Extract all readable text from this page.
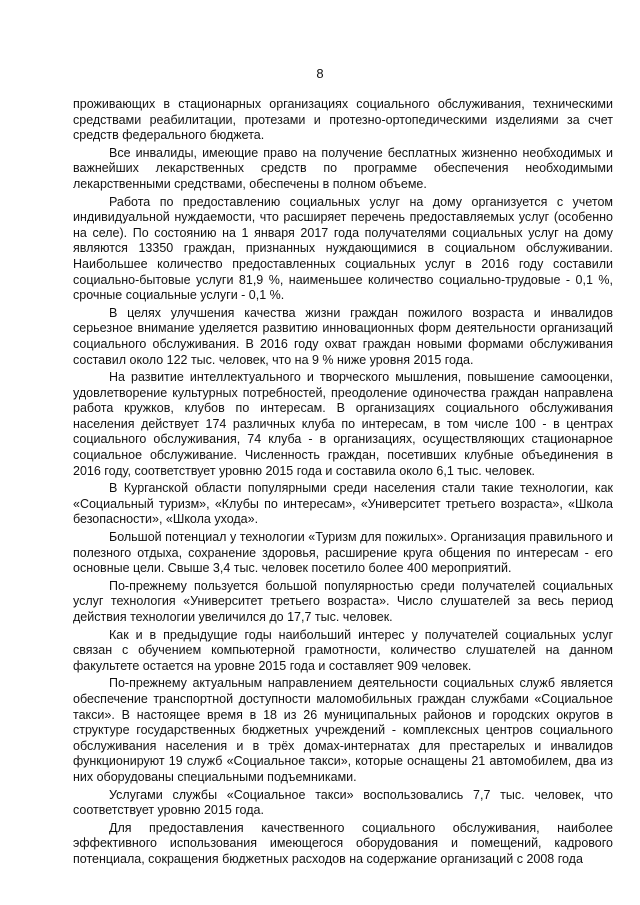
8

проживающих в стационарных организациях социального обслуживания, техническими средствами реабилитации, протезами и протезно-ортопедическими изделиями за счет средств федерального бюджета.

Все инвалиды, имеющие право на получение бесплатных жизненно необходимых и важнейших лекарственных средств по программе обеспечения необходимыми лекарственными средствами, обеспечены в полном объеме.

Работа по предоставлению социальных услуг на дому организуется с учетом индивидуальной нуждаемости, что расширяет перечень предоставляемых услуг (особенно на селе). По состоянию на 1 января 2017 года получателями социальных услуг на дому являются 13350 граждан, признанных нуждающимися в социальном обслуживании. Наибольшее количество предоставленных социальных услуг в 2016 году составили социально-бытовые услуги 81,9 %, наименьшее количество социально-трудовые - 0,1 %, срочные социальные услуги - 0,1 %.

В целях улучшения качества жизни граждан пожилого возраста и инвалидов серьезное внимание уделяется развитию инновационных форм деятельности организаций социального обслуживания. В 2016 году охват граждан новыми формами обслуживания составил около 122 тыс. человек, что на 9 % ниже уровня 2015 года.

На развитие интеллектуального и творческого мышления, повышение самооценки, удовлетворение культурных потребностей, преодоление одиночества граждан направлена работа кружков, клубов по интересам. В организациях социального обслуживания населения действует 174 различных клуба по интересам, в том числе 100 - в центрах социального обслуживания, 74 клуба - в организациях, осуществляющих стационарное социальное обслуживание. Численность граждан, посетивших клубные объединения в 2016 году, соответствует уровню 2015 года и составила около 6,1 тыс. человек.

В Курганской области популярными среди населения стали такие технологии, как «Социальный туризм», «Клубы по интересам», «Университет третьего возраста», «Школа безопасности», «Школа ухода».

Большой потенциал у технологии «Туризм для пожилых». Организация правильного и полезного отдыха, сохранение здоровья, расширение круга общения по интересам - его основные цели. Свыше 3,4 тыс. человек посетило более 400 мероприятий.

По-прежнему пользуется большой популярностью среди получателей социальных услуг технология «Университет третьего возраста». Число слушателей за весь период действия технологии увеличился до 17,7 тыс. человек.

Как и в предыдущие годы наибольший интерес у получателей социальных услуг связан с обучением компьютерной грамотности, количество слушателей на данном факультете остается на уровне 2015 года и составляет 909 человек.

По-прежнему актуальным направлением деятельности социальных служб является обеспечение транспортной доступности маломобильных граждан службами «Социальное такси». В настоящее время в 18 из 26 муниципальных районов и городских округов в структуре государственных бюджетных учреждений - комплексных центров социального обслуживания населения и в трёх домах-интернатах для престарелых и инвалидов функционируют 19 служб «Социальное такси», которые оснащены 21 автомобилем, два из них оборудованы специальными подъемниками.

Услугами службы «Социальное такси» воспользовались 7,7 тыс. человек, что соответствует уровню 2015 года.

Для предоставления качественного социального обслуживания, наиболее эффективного использования имеющегося оборудования и помещений, кадрового потенциала, сокращения бюджетных расходов на содержание организаций с 2008 года
